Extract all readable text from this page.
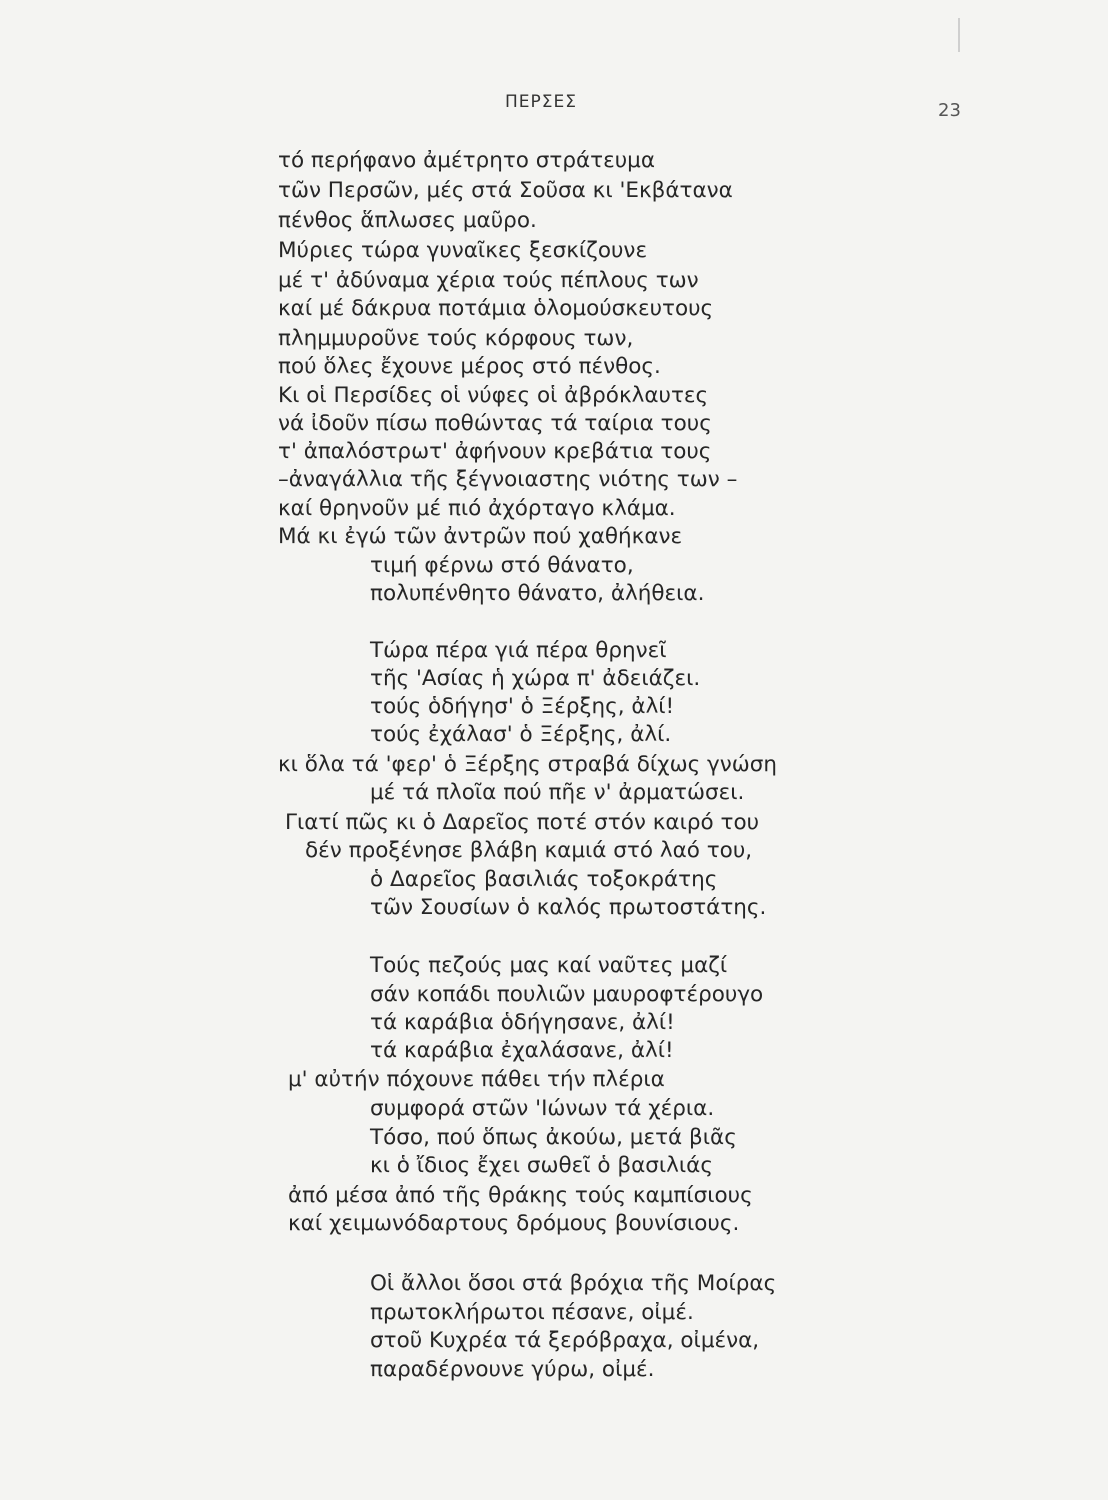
ΠΕΡΣΕΣ	23
τό περήφανο ἀμέτρητο στράτευμα
τῶν Περσῶν, μές στά Σοῦσα κι 'Εκβάτανα
πένθος ἅπλωσες μαῦρο.
Μύριες τώρα γυναῖκες ξεσκίζουνε
μέ τ' ἀδύναμα χέρια τούς πέπλους των
καί μέ δάκρυα ποτάμια ὁλομούσκευτους
πλημμυροῦνε τούς κόρφους των,
πού ὅλες ἔχουνε μέρος στό πένθος.
Κι οἱ Περσίδες οἱ νύφες οἱ ἀβρόκλαυτες
νά ἰδοῦν πίσω ποθώντας τά ταίρια τους
τ' ἀπαλόστρωτ' ἀφήνουν κρεβάτια τους
–ἀναγάλλια τῆς ξέγνοιαστης νιότης των –
καί θρηνοῦν μέ πιό ἀχόρταγο κλάμα.
Μά κι ἐγώ τῶν ἀντρῶν πού χαθήκανε
τιμή φέρνω στό θάνατο,
πολυπένθητο θάνατο, ἀλήθεια.
Τώρα πέρα γιά πέρα θρηνεῖ
τῆς 'Ασίας ἡ χώρα π' ἀδειάζει.
τούς ὁδήγησ' ὁ Ξέρξης, ἀλί!
τούς ἐχάλασ' ὁ Ξέρξης, ἀλί.
κι ὅλα τά 'φερ' ὁ Ξέρξης στραβά δίχως γνώση
μέ τά πλοῖα πού πῆε ν' ἀρματώσει.
Γιατί πῶς κι ὁ Δαρεῖος ποτέ στόν καιρό του
δέν προξένησε βλάβη καμιά στό λαό του,
ὁ Δαρεῖος βασιλιάς τοξοκράτης
τῶν Σουσίων ὁ καλός πρωτοστάτης.
Τούς πεζούς μας καί ναῦτες μαζί
σάν κοπάδι πουλιῶν μαυροφτέρουγο
τά καράβια ὁδήγησανε, ἀλί!
τά καράβια ἐχαλάσανε, ἀλί!
μ' αὐτήν πόχουνε πάθει τήν πλέρια
συμφορά στῶν 'Ιώνων τά χέρια.
Τόσο, πού ὅπως ἀκούω, μετά βιᾶς
κι ὁ ἴδιος ἔχει σωθεῖ ὁ βασιλιάς
ἀπό μέσα ἀπό τῆς θράκης τούς καμπίσιους
καί χειμωνόδαρτους δρόμους βουνίσιους.
Οἱ ἄλλοι ὅσοι στά βρόχια τῆς Μοίρας
πρωτοκλήρωτοι πέσανε, οἰμέ.
στοῦ Κυχρέα τά ξερόβραχα, οἰμένα,
παραδέρνουνε γύρω, οἰμέ.
